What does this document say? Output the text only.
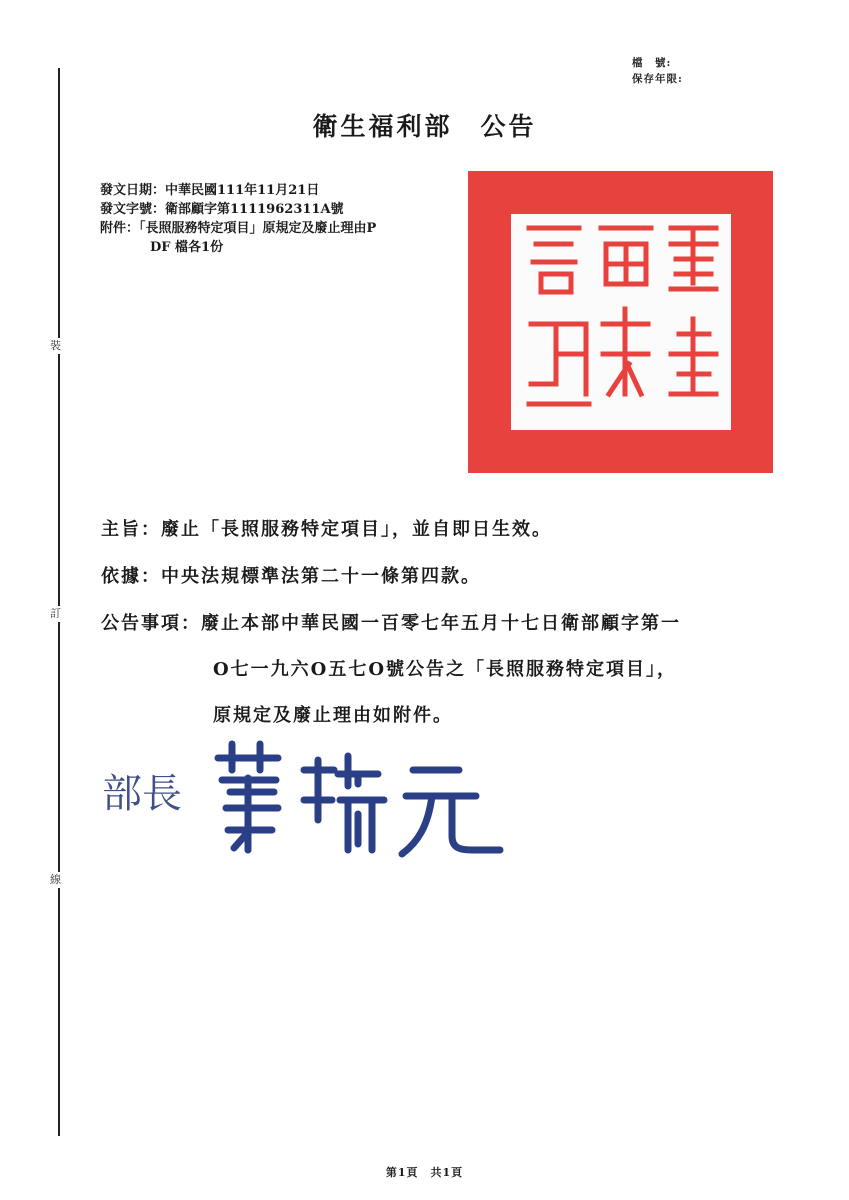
裝
訂
線
檔　號:
保存年限:
衛生福利部　公告
發文日期：中華民國111年11月21日
發文字號：衛部顧字第1111962311A號
附件：「長照服務特定項目」原規定及廢止理由P
DF 檔各1份
主旨：廢止「長照服務特定項目」，並自即日生效。
依據：中央法規標準法第二十一條第四款。
公告事項：廢止本部中華民國一百零七年五月十七日衛部顧字第一
O七一九六O五七O號公告之「長照服務特定項目」，
原規定及廢止理由如附件。
部長
第1頁　共1頁
